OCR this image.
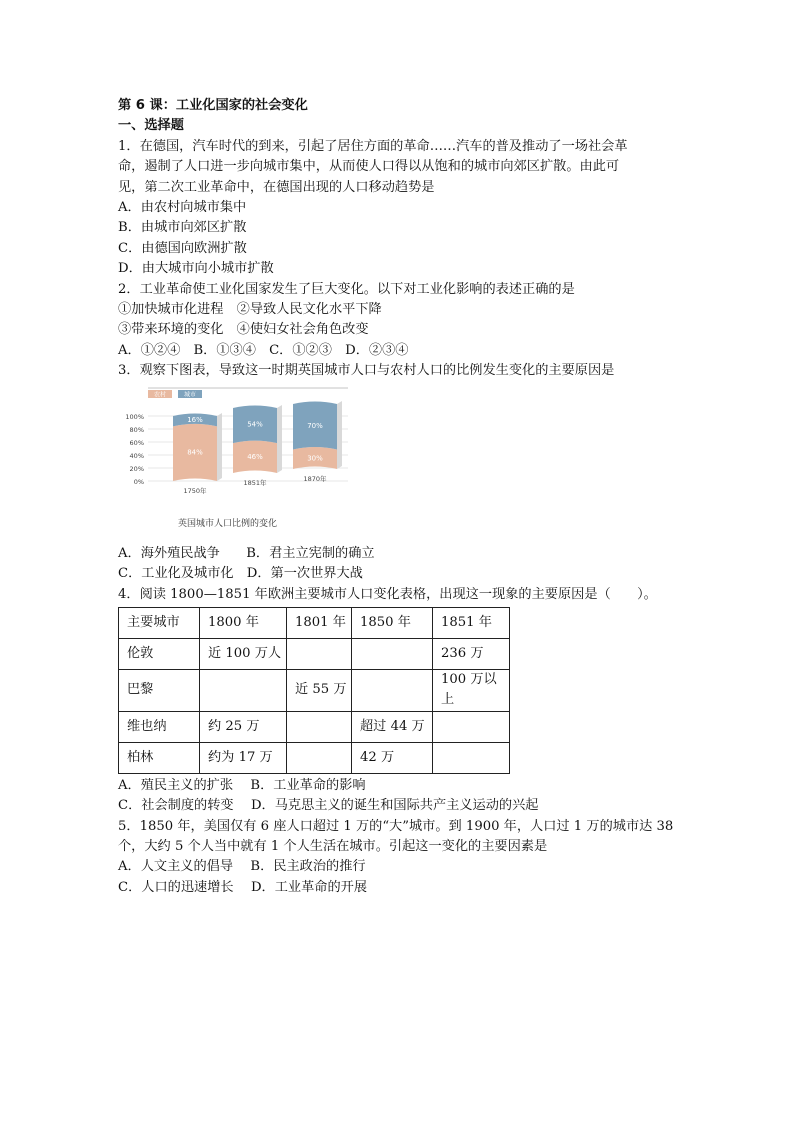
第 6 课：工业化国家的社会变化

一、选择题

1．在德国，汽车时代的到来，引起了居住方面的革命……汽车的普及推动了一场社会革

命，遏制了人口进一步向城市集中，从而使人口得以从饱和的城市向郊区扩散。由此可

见，第二次工业革命中，在德国出现的人口移动趋势是

A．由农村向城市集中

B．由城市向郊区扩散

C．由德国向欧洲扩散

D．由大城市向小城市扩散

2．工业革命使工业化国家发生了巨大变化。以下对工业化影响的表述正确的是

①加快城市化进程　②导致人民文化水平下降

③带来环境的变化　④使妇女社会角色改变

A．①②④　B．①③④　C．①②③　D．②③④

3．观察下图表，导致这一时期英国城市人口与农村人口的比例发生变化的主要原因是

100%
80%
60%
40%
20%
0%
农村	城市
16%
84%
1750年
54%
46%
1851年
70%
30%
1870年
英国城市人口比例的变化

A．海外殖民战争　　B．君主立宪制的确立

C．工业化及城市化　D．第一次世界大战

4．阅读 1800—1851 年欧洲主要城市人口变化表格，出现这一现象的主要原因是（　　）。

主要城市	1800 年	1801 年	1850 年	1851 年
伦敦	近 100 万人			236 万
巴黎		近 55 万		100 万以上
维也纳	约 25 万		超过 44 万	
柏林	约为 17 万		42 万	

A．殖民主义的扩张　 B．工业革命的影响

C．社会制度的转变　 D．马克思主义的诞生和国际共产主义运动的兴起

5．1850 年，美国仅有 6 座人口超过 1 万的“大”城市。到 1900 年，人口过 1 万的城市达 38

个，大约 5 个人当中就有 1 个人生活在城市。引起这一变化的主要因素是

A．人文主义的倡导　 B．民主政治的推行

C．人口的迅速增长　 D．工业革命的开展
